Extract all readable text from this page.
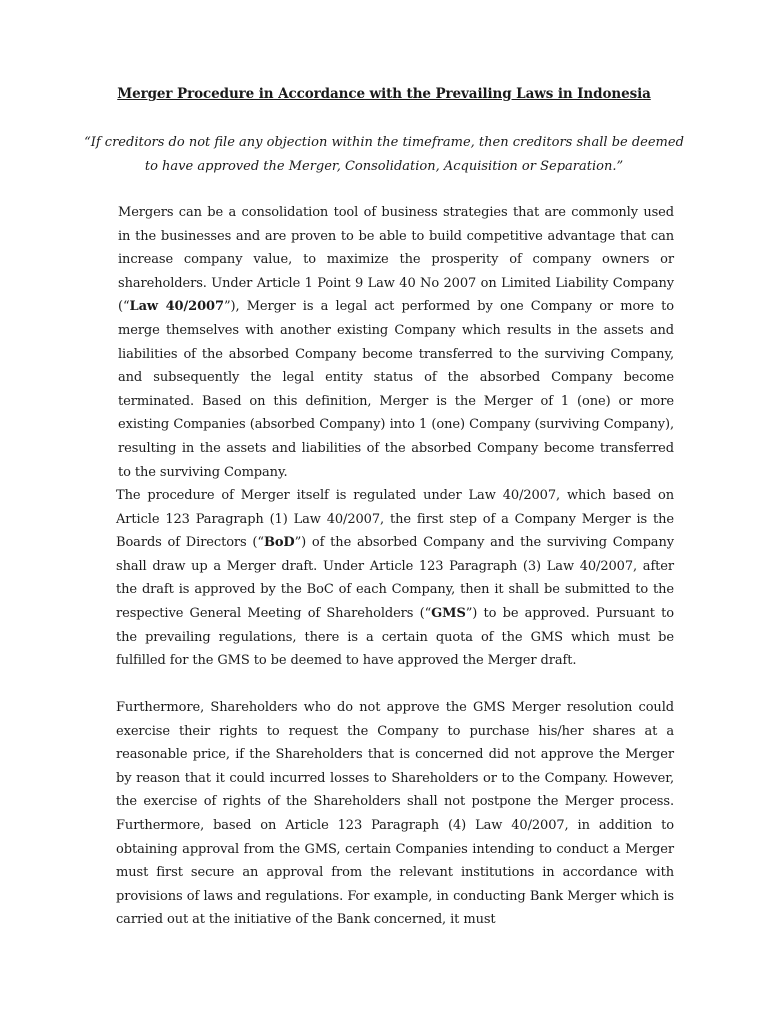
Merger Procedure in Accordance with the Prevailing Laws in Indonesia
“If creditors do not file any objection within the timeframe, then creditors shall be deemed to have approved the Merger, Consolidation, Acquisition or Separation.”
Mergers can be a consolidation tool of business strategies that are commonly used in the businesses and are proven to be able to build competitive advantage that can increase company value, to maximize the prosperity of company owners or shareholders. Under Article 1 Point 9 Law 40 No 2007 on Limited Liability Company (“Law 40/2007”), Merger is a legal act performed by one Company or more to merge themselves with another existing Company which results in the assets and liabilities of the absorbed Company become transferred to the surviving Company, and subsequently the legal entity status of the absorbed Company become terminated. Based on this definition, Merger is the Merger of 1 (one) or more existing Companies (absorbed Company) into 1 (one) Company (surviving Company), resulting in the assets and liabilities of the absorbed Company become transferred to the surviving Company.
The procedure of Merger itself is regulated under Law 40/2007, which based on Article 123 Paragraph (1) Law 40/2007, the first step of a Company Merger is the Boards of Directors (“BoD”) of the absorbed Company and the surviving Company shall draw up a Merger draft. Under Article 123 Paragraph (3) Law 40/2007, after the draft is approved by the BoC of each Company, then it shall be submitted to the respective General Meeting of Shareholders (“GMS”) to be approved. Pursuant to the prevailing regulations, there is a certain quota of the GMS which must be fulfilled for the GMS to be deemed to have approved the Merger draft.
Furthermore, Shareholders who do not approve the GMS Merger resolution could exercise their rights to request the Company to purchase his/her shares at a reasonable price, if the Shareholders that is concerned did not approve the Merger by reason that it could incurred losses to Shareholders or to the Company. However, the exercise of rights of the Shareholders shall not postpone the Merger process. Furthermore, based on Article 123 Paragraph (4) Law 40/2007, in addition to obtaining approval from the GMS, certain Companies intending to conduct a Merger must first secure an approval from the relevant institutions in accordance with provisions of laws and regulations. For example, in conducting Bank Merger which is carried out at the initiative of the Bank concerned, it must
